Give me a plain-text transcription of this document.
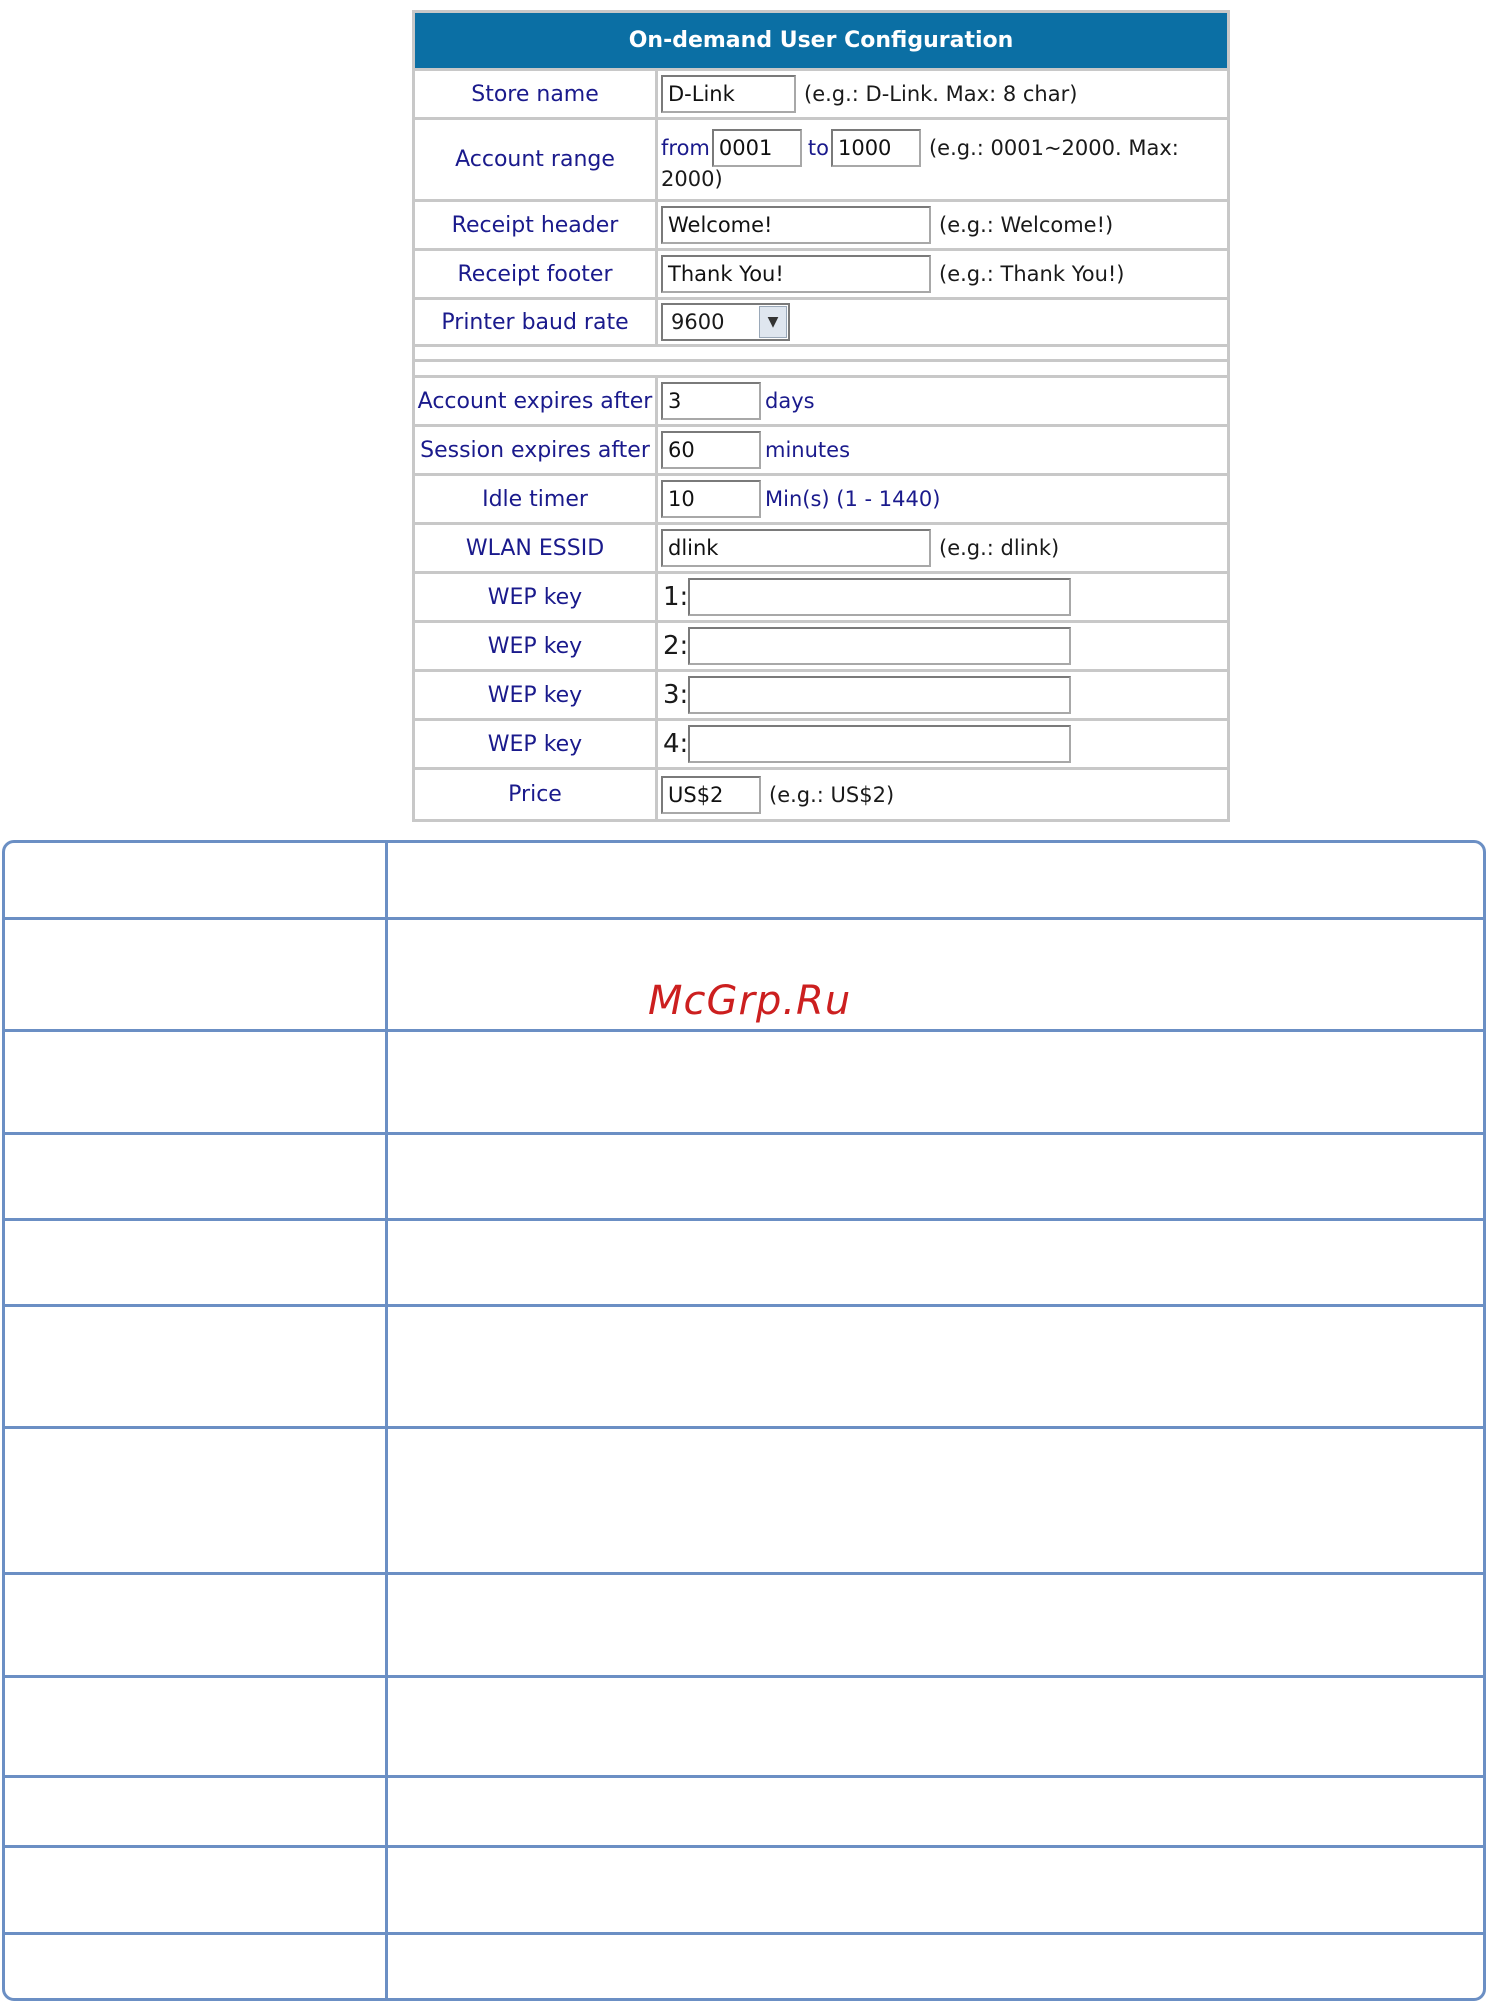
On-demand User Configuration
Store name	D-Link	(e.g.: D-Link. Max: 8 char)
Account range	from 0001	to 1000	(e.g.: 0001~2000. Max:
2000)
Receipt header	Welcome!	(e.g.: Welcome!)
Receipt footer	Thank You!	(e.g.: Thank You!)
Printer baud rate	9600	▼
Account expires after 3	days
Session expires after 60	minutes
Idle timer	10	Min(s) (1 - 1440)
WLAN ESSID	dlink	(e.g.: dlink)
WEP key	1:
WEP key	2:
WEP key	3:
WEP key	4:
Price	US$2	(e.g.: US$2)
McGrp.Ru
